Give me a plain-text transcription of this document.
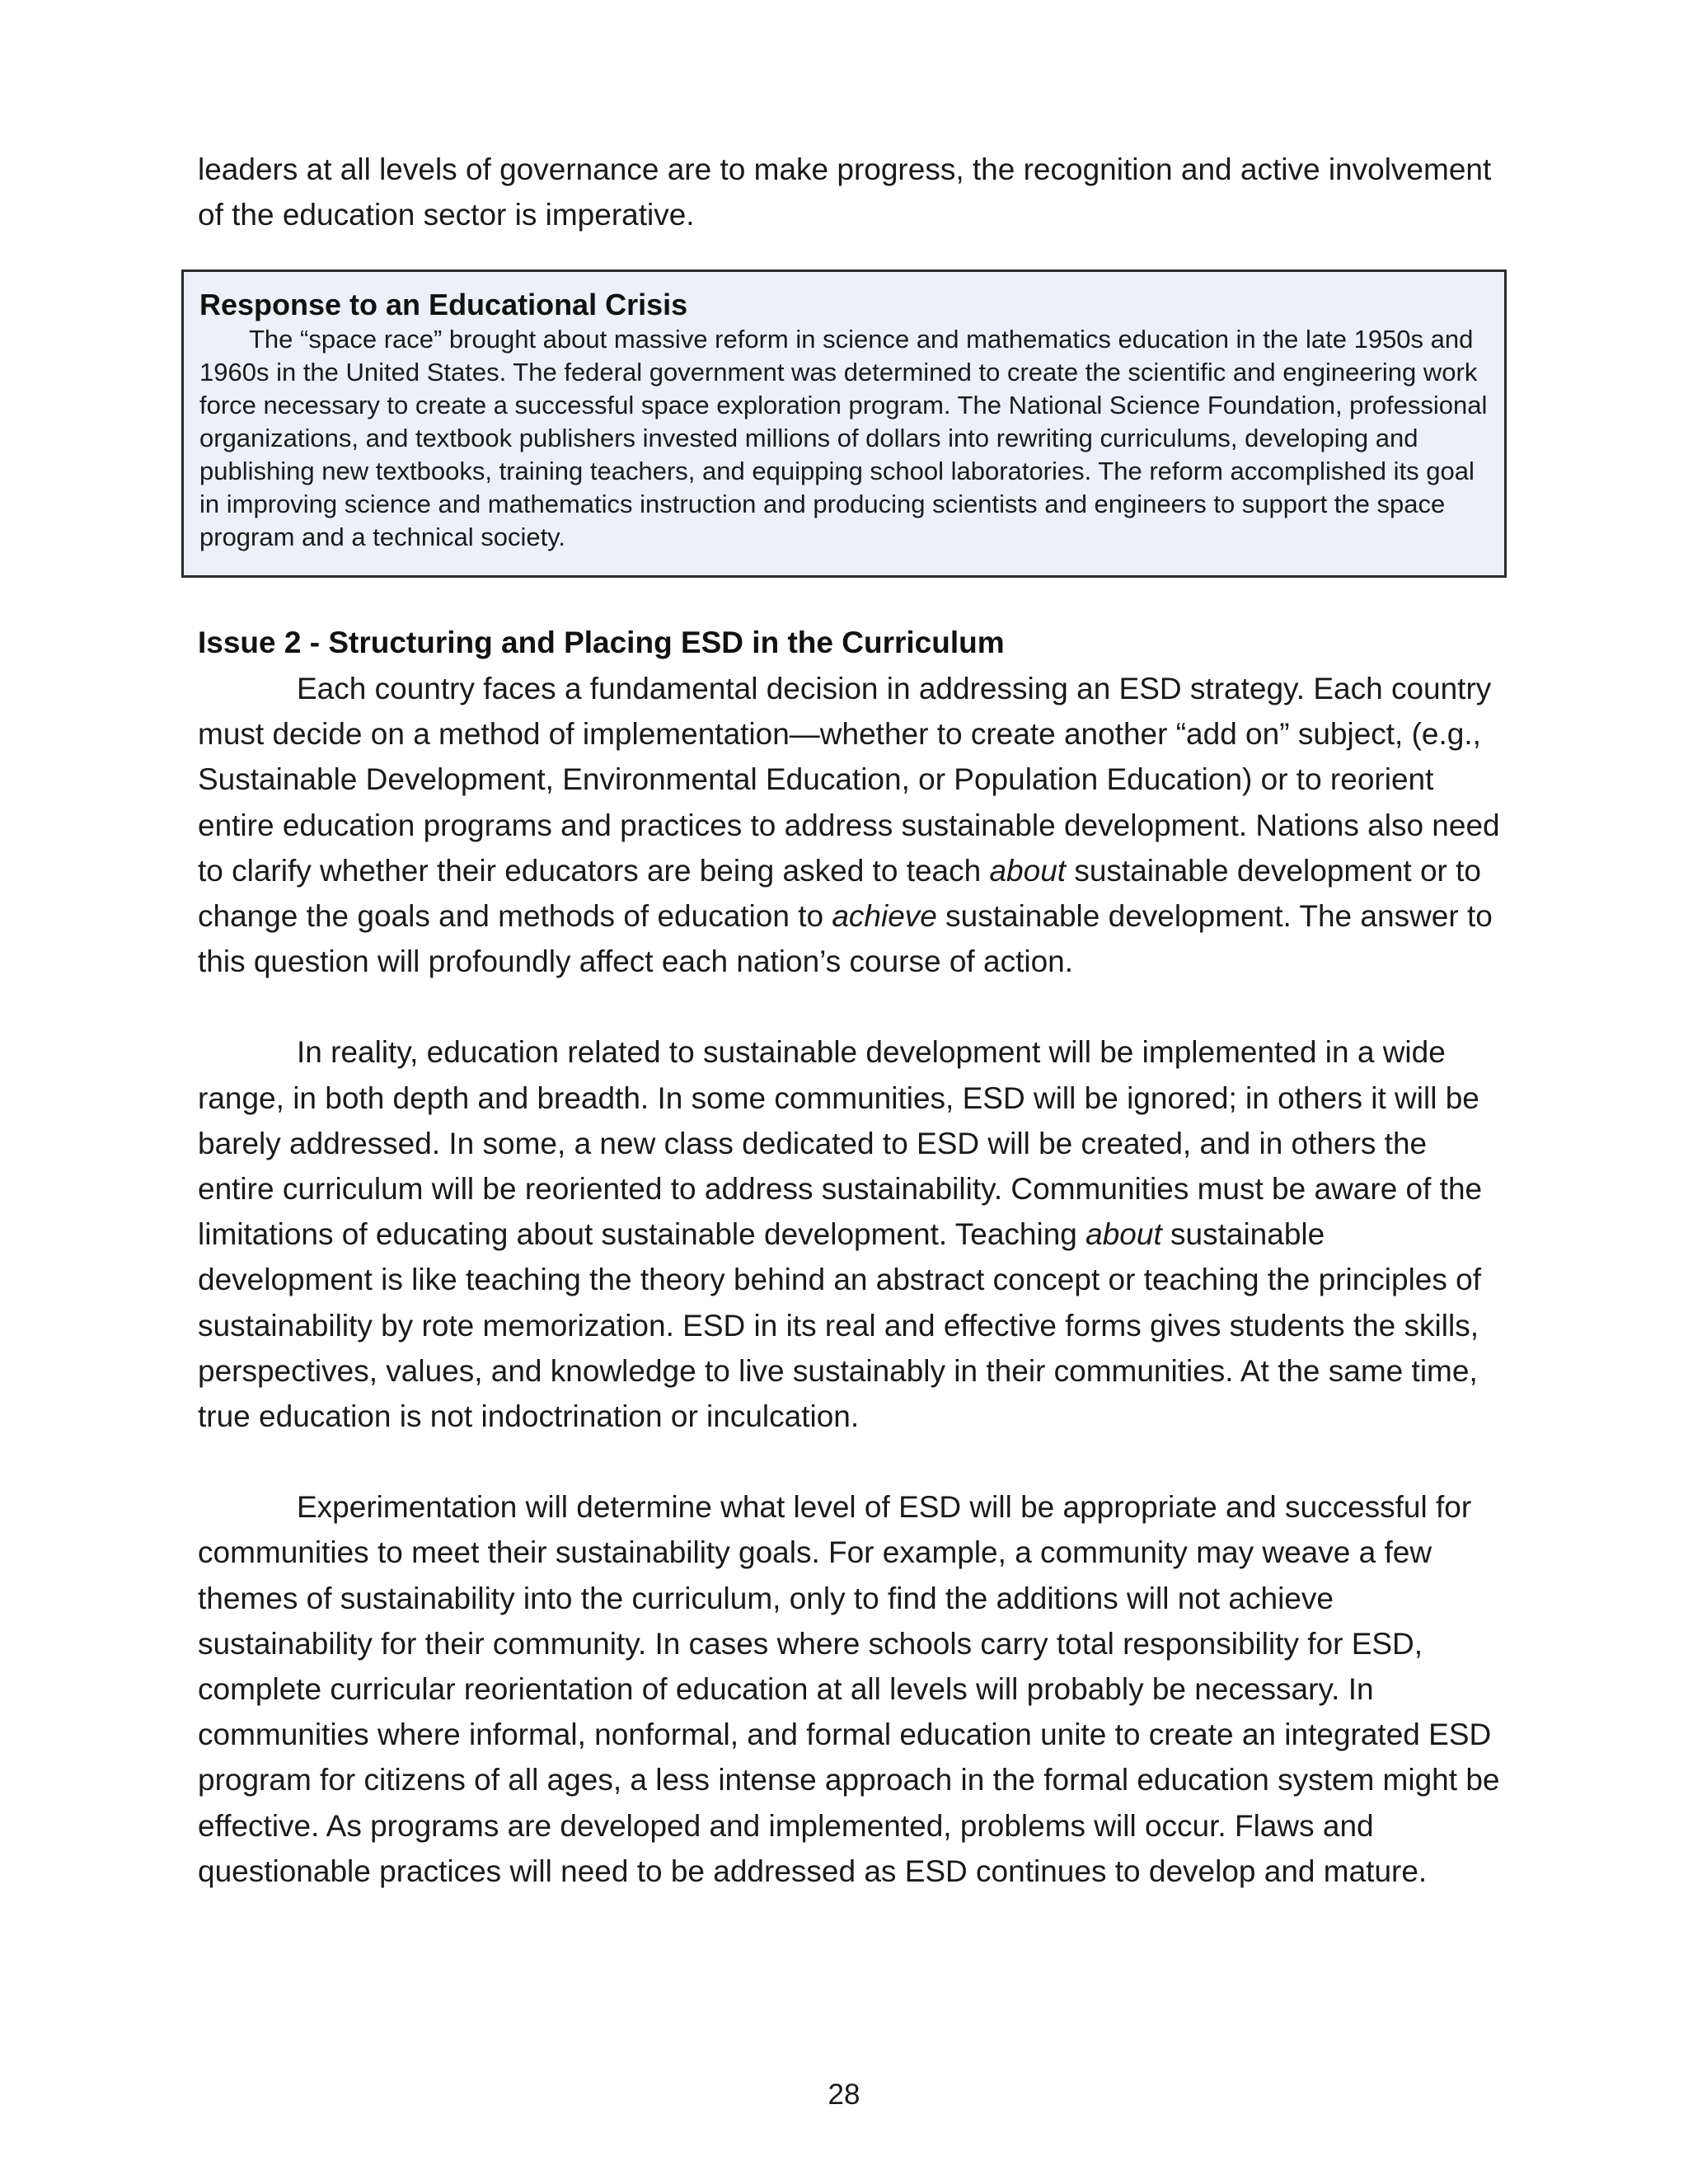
leaders at all levels of governance are to make progress, the recognition and active involvement of the education sector is imperative.

Response to an Educational Crisis

The “space race” brought about massive reform in science and mathematics education in the late 1950s and 1960s in the United States. The federal government was determined to create the scientific and engineering work force necessary to create a successful space exploration program. The National Science Foundation, professional organizations, and textbook publishers invested millions of dollars into rewriting curriculums, developing and publishing new textbooks, training teachers, and equipping school laboratories. The reform accomplished its goal in improving science and mathematics instruction and producing scientists and engineers to support the space program and a technical society.

Issue 2 - Structuring and Placing ESD in the Curriculum

Each country faces a fundamental decision in addressing an ESD strategy. Each country must decide on a method of implementation—whether to create another “add on” subject, (e.g., Sustainable Development, Environmental Education, or Population Education) or to reorient entire education programs and practices to address sustainable development. Nations also need to clarify whether their educators are being asked to teach about sustainable development or to change the goals and methods of education to achieve sustainable development. The answer to this question will profoundly affect each nation’s course of action.

In reality, education related to sustainable development will be implemented in a wide range, in both depth and breadth. In some communities, ESD will be ignored; in others it will be barely addressed. In some, a new class dedicated to ESD will be created, and in others the entire curriculum will be reoriented to address sustainability. Communities must be aware of the limitations of educating about sustainable development. Teaching about sustainable development is like teaching the theory behind an abstract concept or teaching the principles of sustainability by rote memorization. ESD in its real and effective forms gives students the skills, perspectives, values, and knowledge to live sustainably in their communities. At the same time, true education is not indoctrination or inculcation.

Experimentation will determine what level of ESD will be appropriate and successful for communities to meet their sustainability goals. For example, a community may weave a few themes of sustainability into the curriculum, only to find the additions will not achieve sustainability for their community. In cases where schools carry total responsibility for ESD, complete curricular reorientation of education at all levels will probably be necessary. In communities where informal, nonformal, and formal education unite to create an integrated ESD program for citizens of all ages, a less intense approach in the formal education system might be effective. As programs are developed and implemented, problems will occur. Flaws and questionable practices will need to be addressed as ESD continues to develop and mature.

28
